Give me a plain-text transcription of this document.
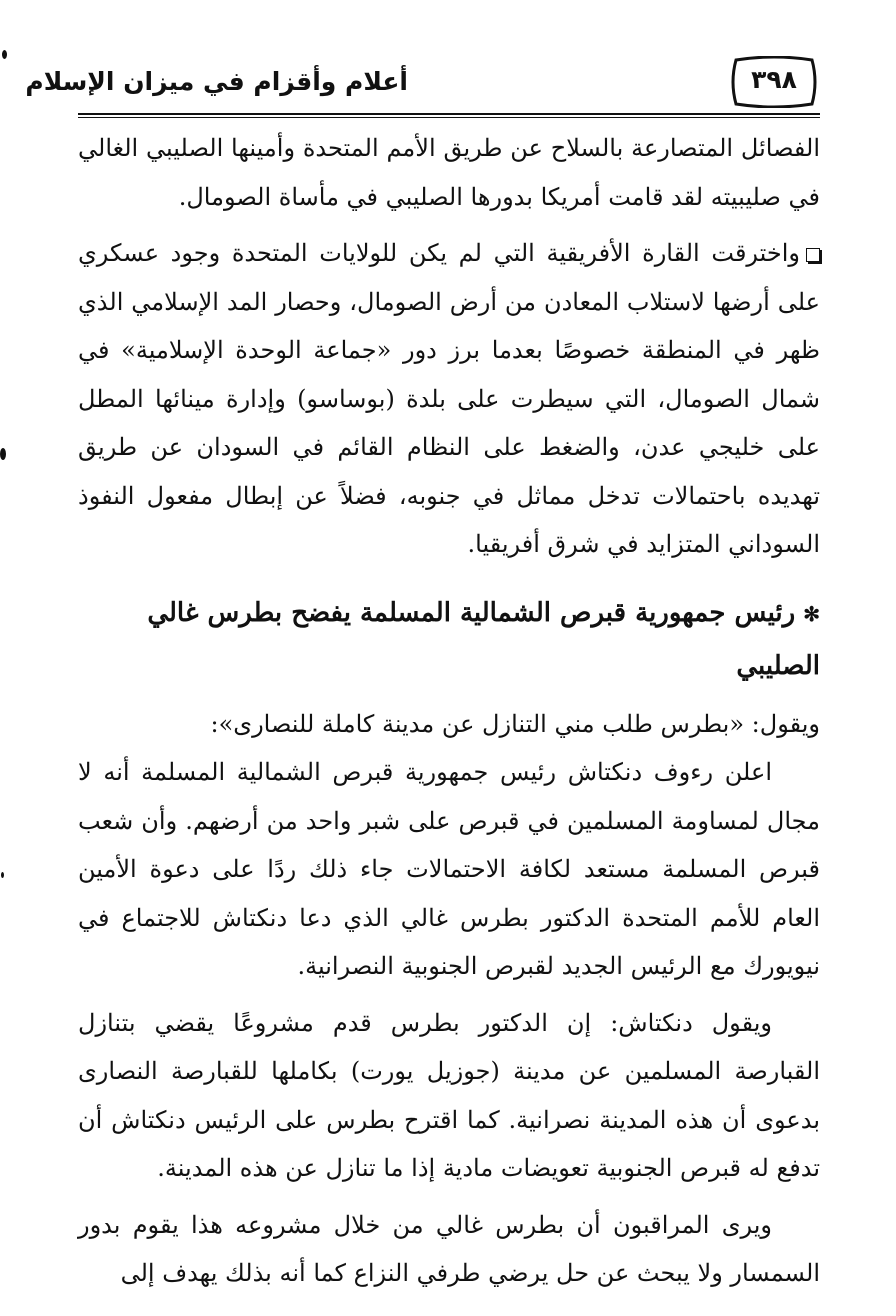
أعلام وأقزام في ميزان الإسلام	٣٩٨

الفصائل المتصارعة بالسلاح عن طريق الأمم المتحدة وأمينها الصليبي الغالي في صليبيته لقد قامت أمريكا بدورها الصليبي في مأساة الصومال.

واخترقت القارة الأفريقية التي لم يكن للولايات المتحدة وجود عسكري على أرضها لاستلاب المعادن من أرض الصومال، وحصار المد الإسلامي الذي ظهر في المنطقة خصوصًا بعدما برز دور «جماعة الوحدة الإسلامية» في شمال الصومال، التي سيطرت على بلدة (بوساسو) وإدارة مينائها المطل على خليجي عدن، والضغط على النظام القائم في السودان عن طريق تهديده باحتمالات تدخل مماثل في جنوبه، فضلاً عن إبطال مفعول النفوذ السوداني المتزايد في شرق أفريقيا.

✻رئيس جمهورية قبرص الشمالية المسلمة يفضح بطرس غالي الصليبي

ويقول: «بطرس طلب مني التنازل عن مدينة كاملة للنصارى»:

اعلن رءوف دنكتاش رئيس جمهورية قبرص الشمالية المسلمة أنه لا مجال لمساومة المسلمين في قبرص على شبر واحد من أرضهم. وأن شعب قبرص المسلمة مستعد لكافة الاحتمالات جاء ذلك ردًا على دعوة الأمين العام للأمم المتحدة الدكتور بطرس غالي الذي دعا دنكتاش للاجتماع في نيويورك مع الرئيس الجديد لقبرص الجنوبية النصرانية.

ويقول دنكتاش: إن الدكتور بطرس قدم مشروعًا يقضي بتنازل القبارصة المسلمين عن مدينة (جوزيل يورت) بكاملها للقبارصة النصارى بدعوى أن هذه المدينة نصرانية. كما اقترح بطرس على الرئيس دنكتاش أن تدفع له قبرص الجنوبية تعويضات مادية إذا ما تنازل عن هذه المدينة.

ويرى المراقبون أن بطرس غالي من خلال مشروعه هذا يقوم بدور السمسار ولا يبحث عن حل يرضي طرفي النزاع كما أنه بذلك يهدف إلى
